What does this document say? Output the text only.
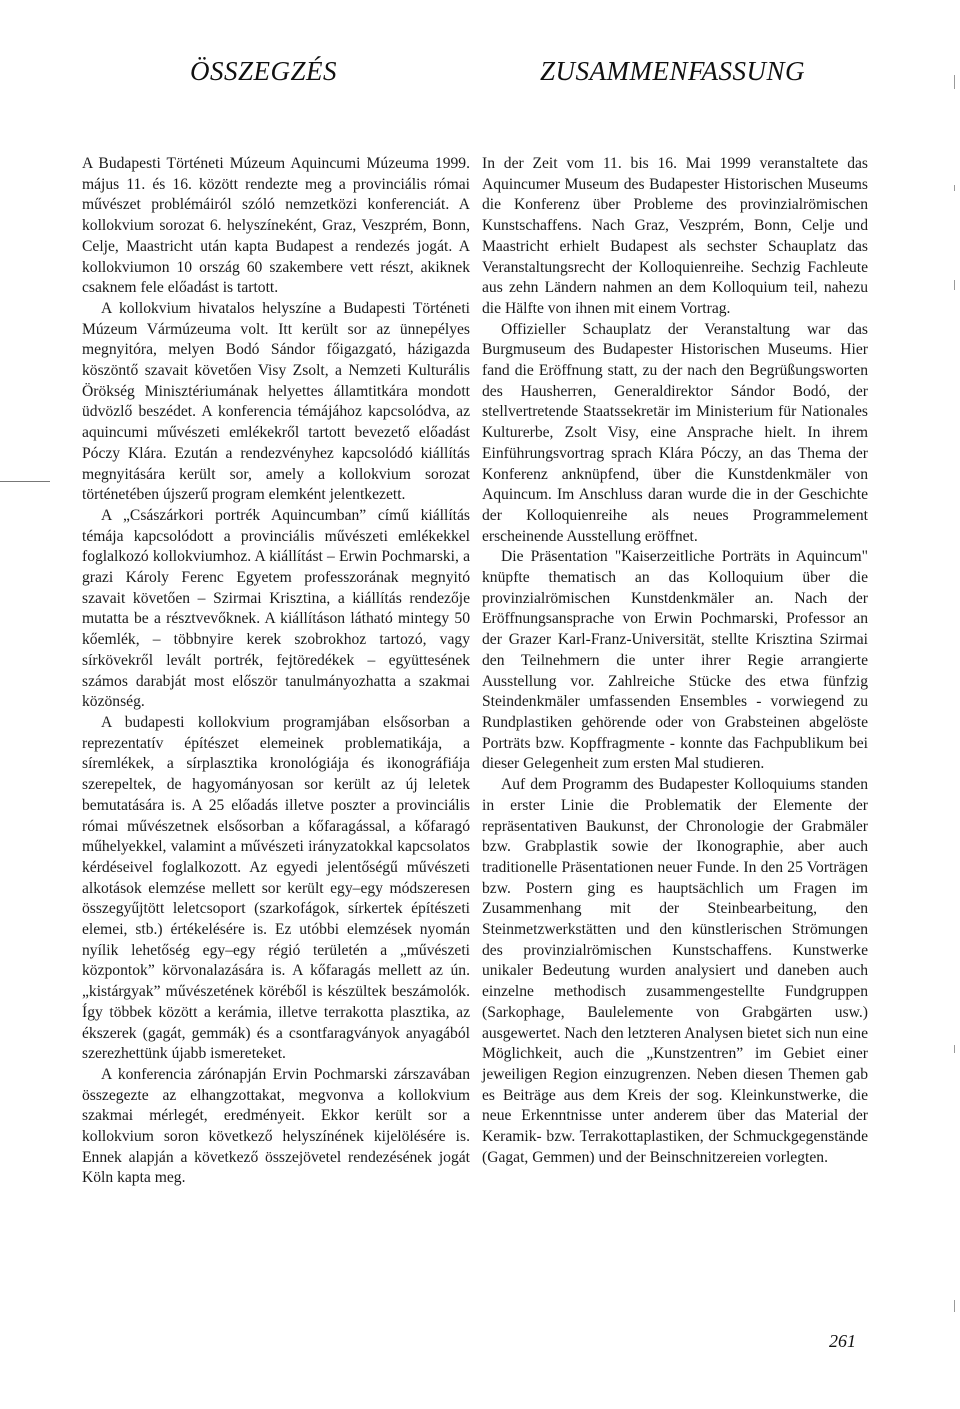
ÖSSZEGZÉS	ZUSAMMENFASSUNG

A Budapesti Történeti Múzeum Aquincumi Múzeuma 1999. május 11. és 16. között rendezte meg a provinciális római művészet problémáiról szóló nemzetközi konferenciát. A kollokvium sorozat 6. helyszíneként, Graz, Veszprém, Bonn, Celje, Maastricht után kapta Budapest a rendezés jogát. A kollokviumon 10 ország 60 szakembere vett részt, akiknek csaknem fele előadást is tartott.

A kollokvium hivatalos helyszíne a Budapesti Történeti Múzeum Vármúzeuma volt. Itt került sor az ünnepélyes megnyitóra, melyen Bodó Sándor főigazgató, házigazda köszöntő szavait követően Visy Zsolt, a Nemzeti Kulturális Örökség Minisztériumának helyettes államtitkára mondott üdvözlő beszédet. A konferencia témájához kapcsolódva, az aquincumi művészeti emlékekről tartott bevezető előadást Póczy Klára. Ezután a rendezvényhez kapcsolódó kiállítás megnyitására került sor, amely a kollokvium sorozat történetében újszerű program elemként jelentkezett.

A „Császárkori portrék Aquincumban” című kiállítás témája kapcsolódott a provinciális művészeti emlékekkel foglalkozó kollokviumhoz. A kiállítást – Erwin Pochmarski, a grazi Károly Ferenc Egyetem professzorának megnyitó szavait követően – Szirmai Krisztina, a kiállítás rendezője mutatta be a résztvevőknek. A kiállításon látható mintegy 50 kőemlék, – többnyire kerek szobrokhoz tartozó, vagy sírkövekről levált portrék, fejtöredékek – együttesének számos darabját most először tanulmányozhatta a szakmai közönség.

A budapesti kollokvium programjában elsősorban a reprezentatív építészet elemeinek problematikája, a síremlékek, a sírplasztika kronológiája és ikonográfiája szerepeltek, de hagyományosan sor került az új leletek bemutatására is. A 25 előadás illetve poszter a provinciális római művészetnek elsősorban a kőfaragással, a kőfaragó műhelyekkel, valamint a művészeti irányzatokkal kapcsolatos kérdéseivel foglalkozott. Az egyedi jelentőségű művészeti alkotások elemzése mellett sor került egy–egy módszeresen összegyűjtött leletcsoport (szarkofágok, sírkertek építészeti elemei, stb.) értékelésére is. Ez utóbbi elemzések nyomán nyílik lehetőség egy–egy régió területén a „művészeti központok” körvonalazására is. A kőfaragás mellett az ún. „kistárgyak” művészetének köréből is készültek beszámolók. Így többek között a kerámia, illetve terrakotta plasztika, az ékszerek (gagát, gemmák) és a csontfaragványok anyagából szerezhettünk újabb ismereteket.

A konferencia zárónapján Ervin Pochmarski zárszavában összegezte az elhangzottakat, megvonva a kollokvium szakmai mérlegét, eredményeit. Ekkor került sor a kollokvium soron következő helyszínének kijelölésére is. Ennek alapján a következő összejövetel rendezésének jogát Köln kapta meg.

In der Zeit vom 11. bis 16. Mai 1999 veranstaltete das Aquincumer Museum des Budapester Historischen Museums die Konferenz über Probleme des provinzialrömischen Kunstschaffens. Nach Graz, Veszprém, Bonn, Celje und Maastricht erhielt Budapest als sechster Schauplatz das Veranstaltungsrecht der Kolloquienreihe. Sechzig Fachleute aus zehn Ländern nahmen an dem Kolloquium teil, nahezu die Hälfte von ihnen mit einem Vortrag.

Offizieller Schauplatz der Veranstaltung war das Burgmuseum des Budapester Historischen Museums. Hier fand die Eröffnung statt, zu der nach den Begrüßungsworten des Hausherren, Generaldirektor Sándor Bodó, der stellvertretende Staatssekretär im Ministerium für Nationales Kulturerbe, Zsolt Visy, eine Ansprache hielt. In ihrem Einführungsvortrag sprach Klára Póczy, an das Thema der Konferenz anknüpfend, über die Kunstdenkmäler von Aquincum. Im Anschluss daran wurde die in der Geschichte der Kolloquienreihe als neues Programmelement erscheinende Ausstellung eröffnet.

Die Präsentation "Kaiserzeitliche Porträts in Aquincum" knüpfte thematisch an das Kolloquium über die provinzialrömischen Kunstdenkmäler an. Nach der Eröffnungsansprache von Erwin Pochmarski, Professor an der Grazer Karl-Franz-Universität, stellte Krisztina Szirmai den Teilnehmern die unter ihrer Regie arrangierte Ausstellung vor. Zahlreiche Stücke des etwa fünfzig Steindenkmäler umfassenden Ensembles - vorwiegend zu Rundplastiken gehörende oder von Grabsteinen abgelöste Porträts bzw. Kopffragmente - konnte das Fachpublikum bei dieser Gelegenheit zum ersten Mal studieren.

Auf dem Programm des Budapester Kolloquiums standen in erster Linie die Problematik der Elemente der repräsentativen Baukunst, der Chronologie der Grabmäler bzw. Grabplastik sowie der Ikonographie, aber auch traditionelle Präsentationen neuer Funde. In den 25 Vorträgen bzw. Postern ging es hauptsächlich um Fragen im Zusammenhang mit der Steinbearbeitung, den Steinmetzwerkstätten und den künstlerischen Strömungen des provinzialrömischen Kunstschaffens. Kunstwerke unikaler Bedeutung wurden analysiert und daneben auch einzelne methodisch zusammengestellte Fundgruppen (Sarkophage, Baulelemente von Grabgärten usw.) ausgewertet. Nach den letzteren Analysen bietet sich nun eine Möglichkeit, auch die „Kunstzentren” im Gebiet einer jeweiligen Region einzugrenzen. Neben diesen Themen gab es Beiträge aus dem Kreis der sog. Kleinkunstwerke, die neue Erkenntnisse unter anderem über das Material der Keramik- bzw. Terrakottaplastiken, der Schmuckgegenstände (Gagat, Gemmen) und der Beinschnitzereien vorlegten.

261
